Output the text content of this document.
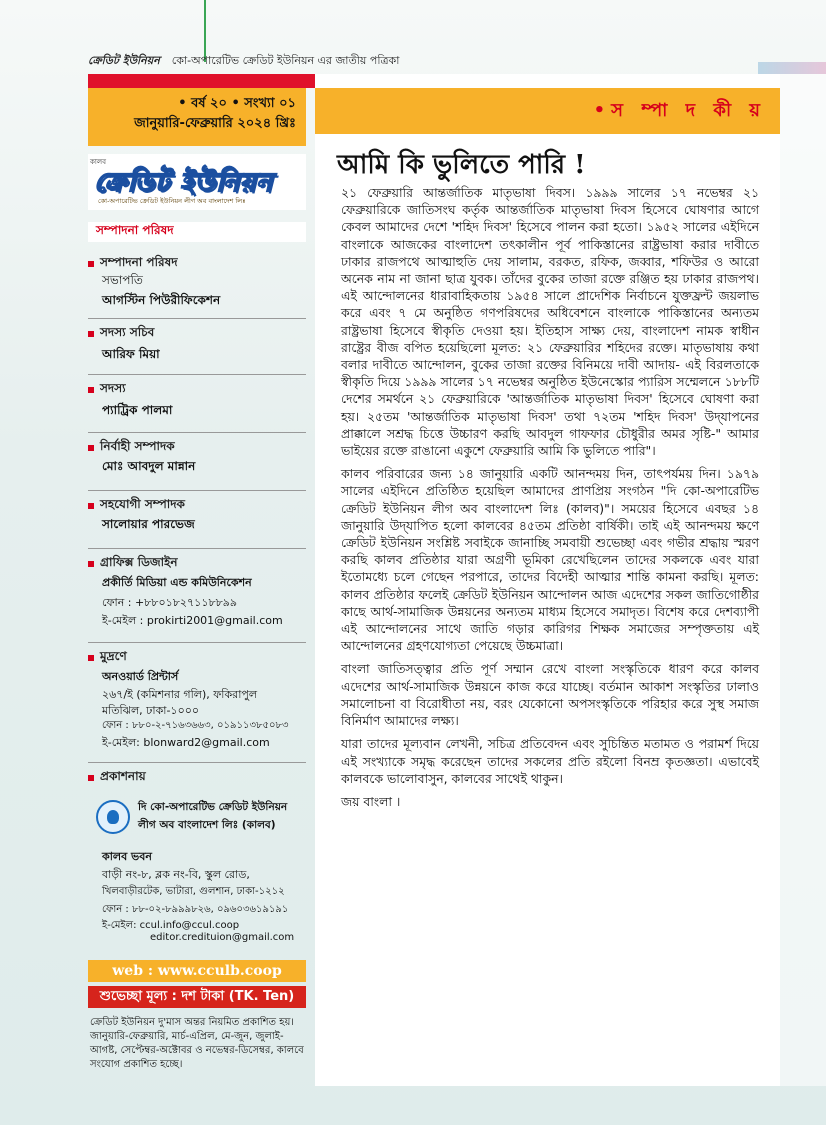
ক্রেডিট ইউনিয়ন কো-অপারেটিভ ক্রেডিট ইউনিয়ন এর জাতীয় পত্রিকা
• বর্ষ ২০ • সংখ্যা ০১
জানুয়ারি-ফেব্রুয়ারি ২০২৪ খ্রিঃ
কালব
ক্রেডিট ইউনিয়ন
কো-অপারেটিভ ক্রেডিট ইউনিয়ন লীগ অব বাংলাদেশ লিঃ
সম্পাদনা পরিষদ
সম্পাদনা পরিষদ
সভাপতি
আগস্টিন পিউরীফিকেশন
সদস্য সচিব
আরিফ মিয়া
সদস্য
প্যাট্রিক পালমা
নির্বাহী সম্পাদক
মোঃ আবদুল মান্নান
সহযোগী সম্পাদক
সালোয়ার পারভেজ
গ্রাফিক্স ডিজাইন
প্রকীর্তি মিডিয়া এন্ড কমিউনিকেশন
ফোন : +৮৮০১৮২৭১১৮৮৯৯
ই-মেইল : prokirti2001@gmail.com
মুদ্রণে
অনওয়ার্ড প্রিন্টার্স
২৬৭/ই (কমিশনার গলি), ফকিরাপুল
মতিঝিল, ঢাকা-১০০০
ফোন : ৮৮০-২-৭১৬৩৬৬৩, ০১৯১১৩৮৫০৮৩
ই-মেইল: blonward2@gmail.com
প্রকাশনায়
দি কো-অপারেটিভ ক্রেডিট ইউনিয়ন
লীগ অব বাংলাদেশ লিঃ (কালব)
কালব ভবন
বাড়ী নং-৮, ব্লক নং-বি, স্কুল রোড,
খিলবাড়ীরটেক, ভাটারা, গুলশান, ঢাকা-১২১২
ফোন : ৮৮-০২-৮৯৯৯৮২৬, ০৯৬০৩৬১৯১৯১
ই-মেইল: ccul.info@ccul.coop
editor.credituion@gmail.com
web : www.cculb.coop
শুভেচ্ছা মূল্য : দশ টাকা (TK. Ten)
ক্রেডিট ইউনিয়ন দু'মাস অন্তর নিয়মিত প্রকাশিত হয়। জানুয়ারি-ফেব্রুয়ারি, মার্চ-এপ্রিল, মে-জুন, জুলাই-আগষ্ট, সেপ্টেম্বর-অক্টোবর ও নভেম্বর-ডিসেম্বর, কালবে সংযোগ প্রকাশিত হচ্ছে।
•স ম্পা দ কী য়
আমি কি ভুলিতে পারি !

২১ ফেব্রুয়ারি আন্তর্জাতিক মাতৃভাষা দিবস। ১৯৯৯ সালের ১৭ নভেম্বর ২১ ফেব্রুয়ারিকে জাতিসংঘ কর্তৃক আন্তর্জাতিক মাতৃভাষা দিবস হিসেবে ঘোষণার আগে কেবল আমাদের দেশে 'শহিদ দিবস' হিসেবে পালন করা হতো। ১৯৫২ সালের এইদিনে বাংলাকে আজকের বাংলাদেশ তৎকালীন পূর্ব পাকিস্তানের রাষ্ট্রভাষা করার দাবীতে ঢাকার রাজপথে আত্মাহুতি দেয় সালাম, বরকত, রফিক, জব্বার, শফিউর ও আরো অনেক নাম না জানা ছাত্র যুবক। তাঁদের বুকের তাজা রক্তে রঞ্জিত হয় ঢাকার রাজপথ। এই আন্দোলনের ধারাবাহিকতায় ১৯৫৪ সালে প্রাদেশিক নির্বাচনে যুক্তফ্রন্ট জয়লাভ করে এবং ৭ মে অনুষ্ঠিত গণপরিষদের অধিবেশনে বাংলাকে পাকিস্তানের অন্যতম রাষ্ট্রভাষা হিসেবে স্বীকৃতি দেওয়া হয়। ইতিহাস সাক্ষ্য দেয়, বাংলাদেশ নামক স্বাধীন রাষ্ট্রের বীজ বপিত হয়েছিলো মূলত: ২১ ফেব্রুয়ারির শহিদের রক্তে। মাতৃভাষায় কথা বলার দাবীতে আন্দোলন, বুকের তাজা রক্তের বিনিময়ে দাবী আদায়- এই বিরলতাকে স্বীকৃতি দিয়ে ১৯৯৯ সালের ১৭ নভেম্বর অনুষ্ঠিত ইউনেস্কোর প্যারিস সম্মেলনে ১৮৮টি দেশের সমর্থনে ২১ ফেব্রুয়ারিকে 'আন্তর্জাতিক মাতৃভাষা দিবস' হিসেবে ঘোষণা করা হয়। ২৫তম 'আন্তর্জাতিক মাতৃভাষা দিবস' তথা ৭২তম 'শহিদ দিবস' উদ্‌যাপনের প্রাক্কালে সশ্রদ্ধ চিত্তে উচ্চারণ করছি আবদুল গাফফার চৌধুরীর অমর সৃষ্টি-" আমার ভাইয়ের রক্তে রাঙানো একুশে ফেব্রুয়ারি আমি কি ভুলিতে পারি"।

কালব পরিবারের জন্য ১৪ জানুয়ারি একটি আনন্দময় দিন, তাৎপর্যময় দিন। ১৯৭৯ সালের এইদিনে প্রতিষ্ঠিত হয়েছিল আমাদের প্রাণপ্রিয় সংগঠন "দি কো-অপারেটিভ ক্রেডিট ইউনিয়ন লীগ অব বাংলাদেশ লিঃ (কালব)"। সময়ের হিসেবে এবছর ১৪ জানুয়ারি উদ্‌যাপিত হলো কালবের ৪৫তম প্রতিষ্ঠা বার্ষিকী। তাই এই আনন্দময় ক্ষণে ক্রেডিট ইউনিয়ন সংশ্লিষ্ট সবাইকে জানাচ্ছি সমবায়ী শুভেচ্ছা এবং গভীর শ্রদ্ধায় স্মরণ করছি কালব প্রতিষ্ঠার যারা অগ্রণী ভূমিকা রেখেছিলেন তাদের সকলকে এবং যারা ইতোমধ্যে চলে গেছেন পরপারে, তাদের বিদেহী আত্মার শান্তি কামনা করছি। মূলত: কালব প্রতিষ্ঠার ফলেই ক্রেডিট ইউনিয়ন আন্দোলন আজ এদেশের সকল জাতিগোষ্ঠীর কাছে আর্থ-সামাজিক উন্নয়নের অন্যতম মাধ্যম হিসেবে সমাদৃত। বিশেষ করে দেশব্যাপী এই আন্দোলনের সাথে জাতি গড়ার কারিগর শিক্ষক সমাজের সম্পৃক্ততায় এই আন্দোলনের গ্রহণযোগ্যতা পেয়েছে উচ্চমাত্রা।

বাংলা জাতিসত্ত্বার প্রতি পূর্ণ সম্মান রেখে বাংলা সংস্কৃতিকে ধারণ করে কালব এদেশের আর্থ-সামাজিক উন্নয়নে কাজ করে যাচ্ছে। বর্তমান আকাশ সংস্কৃতির ঢালাও সমালোচনা বা বিরোধীতা নয়, বরং যেকোনো অপসংস্কৃতিকে পরিহার করে সুস্থ সমাজ বিনির্মাণ আমাদের লক্ষ্য।

যারা তাদের মূল্যবান লেখনী, সচিত্র প্রতিবেদন এবং সুচিন্তিত মতামত ও পরামর্শ দিয়ে এই সংখ্যাকে সমৃদ্ধ করেছেন তাদের সকলের প্রতি রইলো বিনম্র কৃতজ্ঞতা। এভাবেই কালবকে ভালোবাসুন, কালবের সাথেই থাকুন।

জয় বাংলা ।
